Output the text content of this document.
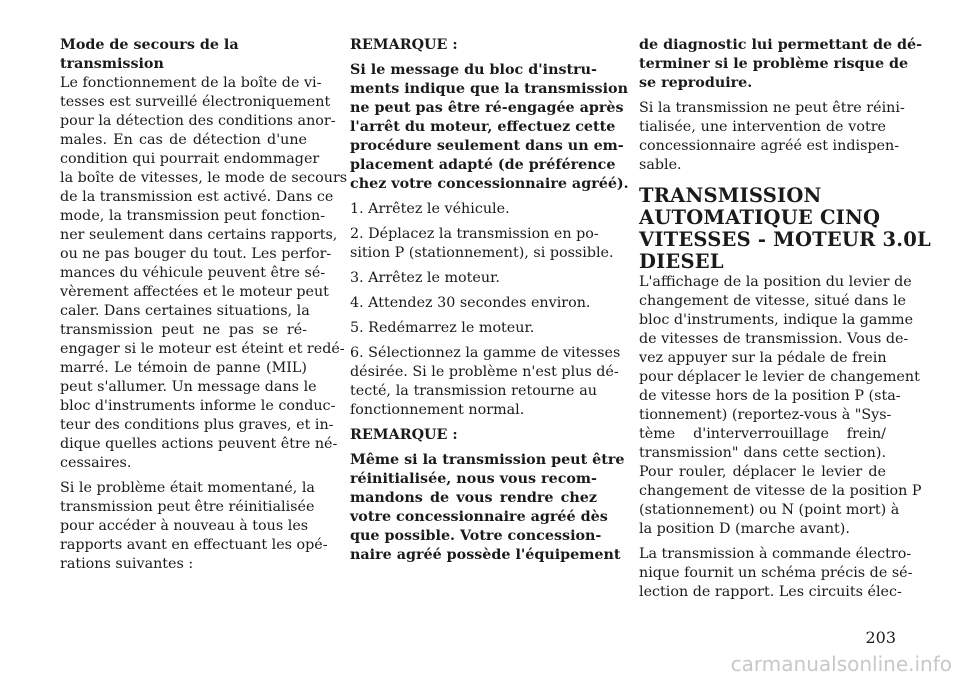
Mode de secours de la
transmission
Le fonctionnement de la boîte de vi-
tesses est surveillé électroniquement
pour la détection des conditions anor-
males. En cas de détection d'une
condition qui pourrait endommager
la boîte de vitesses, le mode de secours
de la transmission est activé. Dans ce
mode, la transmission peut fonction-
ner seulement dans certains rapports,
ou ne pas bouger du tout. Les perfor-
mances du véhicule peuvent être sé-
vèrement affectées et le moteur peut
caler. Dans certaines situations, la
transmission peut ne pas se ré-
engager si le moteur est éteint et redé-
marré. Le témoin de panne (MIL)
peut s'allumer. Un message dans le
bloc d'instruments informe le conduc-
teur des conditions plus graves, et in-
dique quelles actions peuvent être né-
cessaires.
Si le problème était momentané, la
transmission peut être réinitialisée
pour accéder à nouveau à tous les
rapports avant en effectuant les opé-
rations suivantes :
REMARQUE :
Si le message du bloc d'instru-
ments indique que la transmission
ne peut pas être ré-engagée après
l'arrêt du moteur, effectuez cette
procédure seulement dans un em-
placement adapté (de préférence
chez votre concessionnaire agréé).
1. Arrêtez le véhicule.
2. Déplacez la transmission en po-
sition P (stationnement), si possible.
3. Arrêtez le moteur.
4. Attendez 30 secondes environ.
5. Redémarrez le moteur.
6. Sélectionnez la gamme de vitesses
désirée. Si le problème n'est plus dé-
tecté, la transmission retourne au
fonctionnement normal.
REMARQUE :
Même si la transmission peut être
réinitialisée, nous vous recom-
mandons de vous rendre chez
votre concessionnaire agréé dès
que possible. Votre concession-
naire agréé possède l'équipement
de diagnostic lui permettant de dé-
terminer si le problème risque de
se reproduire.
Si la transmission ne peut être réini-
tialisée, une intervention de votre
concessionnaire agréé est indispen-
sable.
TRANSMISSION
AUTOMATIQUE CINQ
VITESSES - MOTEUR 3.0L
DIESEL
L'affichage de la position du levier de
changement de vitesse, situé dans le
bloc d'instruments, indique la gamme
de vitesses de transmission. Vous de-
vez appuyer sur la pédale de frein
pour déplacer le levier de changement
de vitesse hors de la position P (sta-
tionnement) (reportez-vous à "Sys-
tème d'interverrouillage frein/
transmission" dans cette section).
Pour rouler, déplacer le levier de
changement de vitesse de la position P
(stationnement) ou N (point mort) à
la position D (marche avant).
La transmission à commande électro-
nique fournit un schéma précis de sé-
lection de rapport. Les circuits élec-
203
carmanualsonline.info
